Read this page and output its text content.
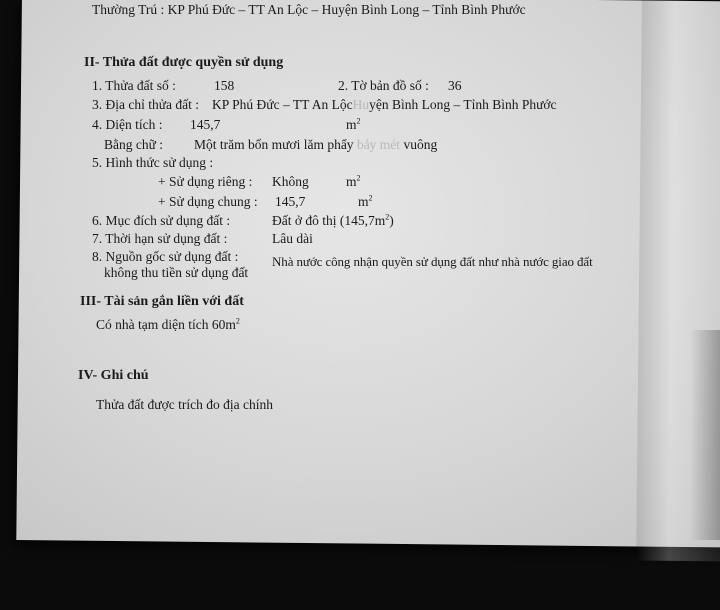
Thường Trú : KP Phú Đức – TT An Lộc – Huyện Bình Long – Tỉnh Bình Phước
II- Thửa đất được quyền sử dụng
1. Thửa đất số :	158	2. Tờ bản đồ số : 36
3. Địa chỉ thửa đất : KP Phú Đức – TT An LộcHuyện Bình Long – Tỉnh Bình Phước
4. Diện tích : 145,7	$m^2$
Bằng chữ : Một trăm bốn mươi lăm phẩy bảy mét vuông
5. Hình thức sử dụng :
+ Sử dụng riêng : Không	$m^2$
+ Sử dụng chung : 145,7	$m^2$
6. Mục đích sử dụng đất :	Đất ở đô thị $(145,7m^2)$
7. Thời hạn sử dụng đất :	Lâu dài
8. Nguồn gốc sử dụng đất :	Nhà nước công nhận quyền sử dụng đất như nhà nước giao đất
không thu tiền sử dụng đất
III- Tài sản gắn liền với đất
Có nhà tạm diện tích $60m^2$
IV- Ghi chú
Thửa đất được trích đo địa chính
